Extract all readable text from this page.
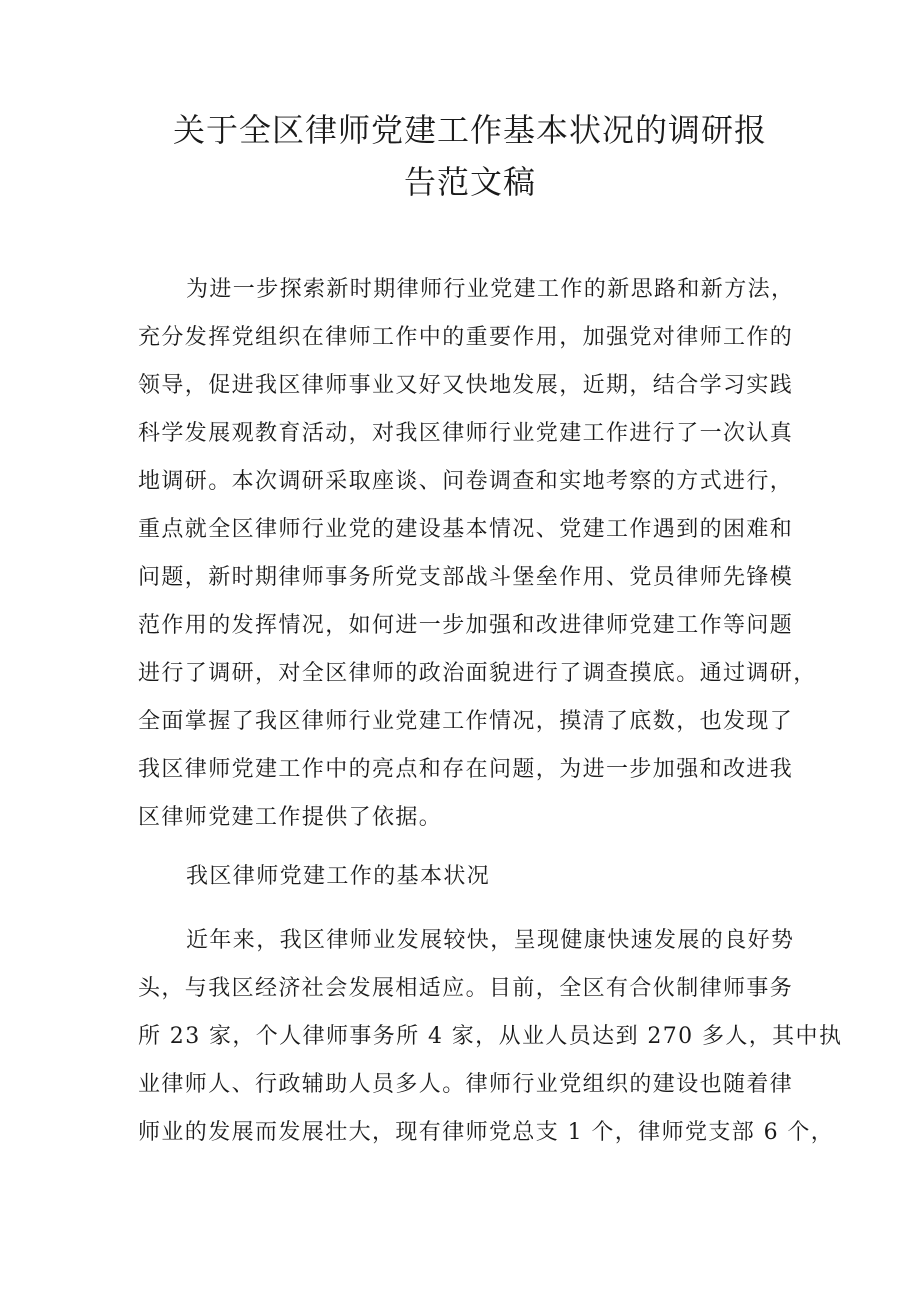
关于全区律师党建工作基本状况的调研报
告范文稿
为进一步探索新时期律师行业党建工作的新思路和新方法，
充分发挥党组织在律师工作中的重要作用，加强党对律师工作的
领导，促进我区律师事业又好又快地发展，近期，结合学习实践
科学发展观教育活动，对我区律师行业党建工作进行了一次认真
地调研。本次调研采取座谈、问卷调查和实地考察的方式进行，
重点就全区律师行业党的建设基本情况、党建工作遇到的困难和
问题，新时期律师事务所党支部战斗堡垒作用、党员律师先锋模
范作用的发挥情况，如何进一步加强和改进律师党建工作等问题
进行了调研，对全区律师的政治面貌进行了调查摸底。通过调研，
全面掌握了我区律师行业党建工作情况，摸清了底数，也发现了
我区律师党建工作中的亮点和存在问题，为进一步加强和改进我
区律师党建工作提供了依据。
我区律师党建工作的基本状况
近年来，我区律师业发展较快，呈现健康快速发展的良好势
头，与我区经济社会发展相适应。目前，全区有合伙制律师事务
所 23 家，个人律师事务所 4 家，从业人员达到 270 多人，其中执
业律师人、行政辅助人员多人。律师行业党组织的建设也随着律
师业的发展而发展壮大，现有律师党总支 1 个，律师党支部 6 个，
